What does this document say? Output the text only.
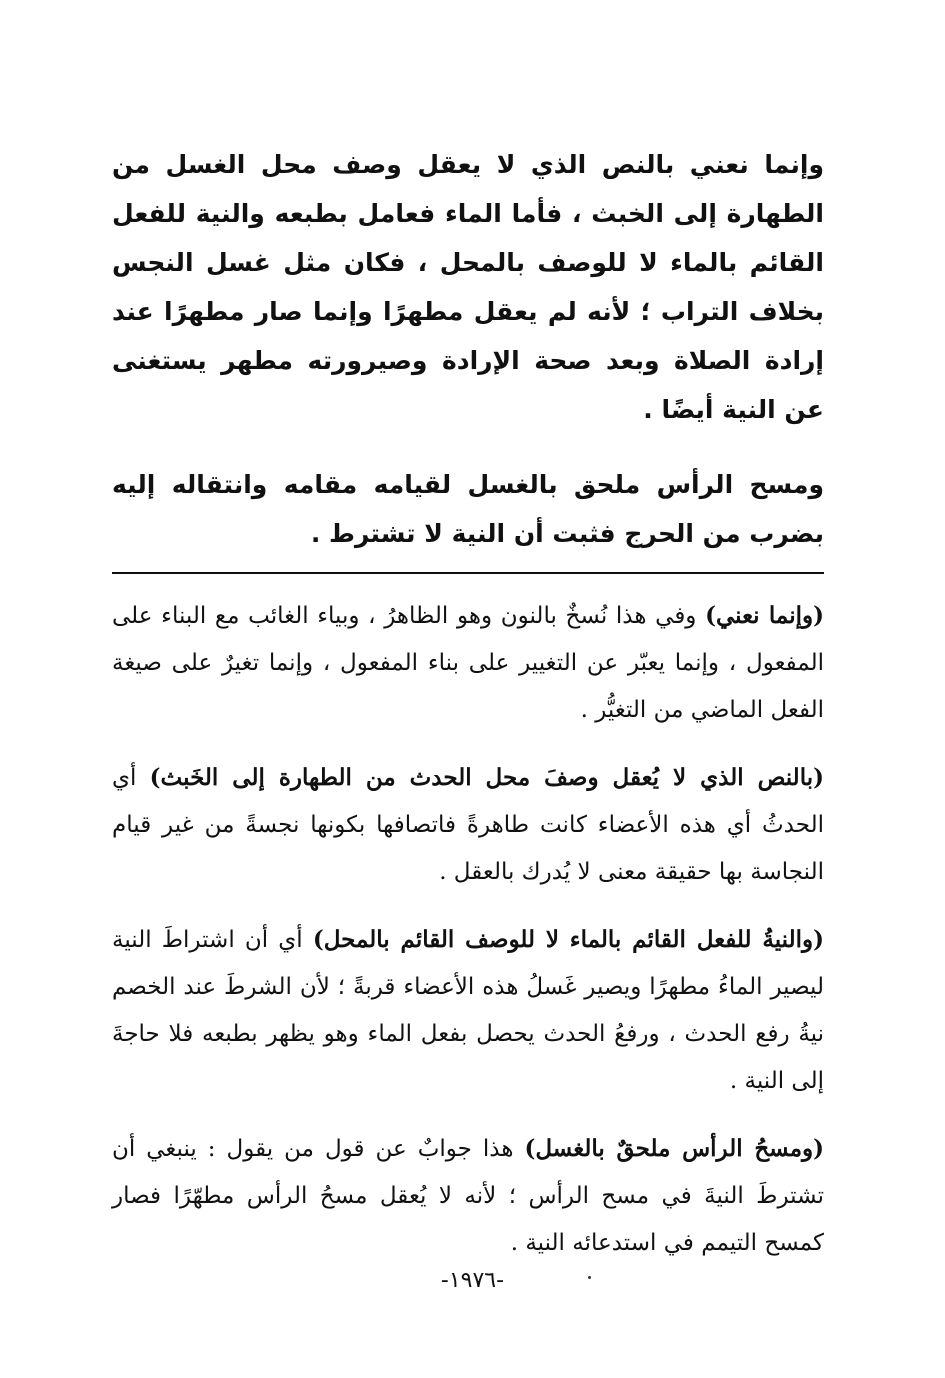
وإنما نعني بالنص الذي لا يعقل وصف محل الغسل من الطهارة إلى الخبث ، فأما الماء فعامل بطبعه والنية للفعل القائم بالماء لا للوصف بالمحل ، فكان مثل غسل النجس بخلاف التراب ؛ لأنه لم يعقل مطهرًا وإنما صار مطهرًا عند إرادة الصلاة وبعد صحة الإرادة وصيرورته مطهر يستغنى عن النية أيضًا .

ومسح الرأس ملحق بالغسل لقيامه مقامه وانتقاله إليه بضرب من الحرج فثبت أن النية لا تشترط .

(وإنما نعني) وفي هذا نُسخٌ بالنون وهو الظاهرُ ، وبياء الغائب مع البناء على المفعول ، وإنما يعبّر عن التغيير على بناء المفعول ، وإنما تغيرٌ على صيغة الفعل الماضي من التغيُّر .

(بالنص الذي لا يُعقل وصفَ محل الحدث من الطهارة إلى الخَبث) أي الحدثُ أي هذه الأعضاء كانت طاهرةً فاتصافها بكونها نجسةً من غير قيام النجاسة بها حقيقة معنى لا يُدرك بالعقل .

(والنيةُ للفعل القائم بالماء لا للوصف القائم بالمحل) أي أن اشتراطَ النية ليصير الماءُ مطهرًا ويصير غَسلُ هذه الأعضاء قربةً ؛ لأن الشرطَ عند الخصم نيةُ رفع الحدث ، ورفعُ الحدث يحصل بفعل الماء وهو يظهر بطبعه فلا حاجةَ إلى النية .

(ومسحُ الرأس ملحقٌ بالغسل) هذا جوابٌ عن قول من يقول : ينبغي أن تشترطَ النيةَ في مسح الرأس ؛ لأنه لا يُعقل مسحُ الرأس مطهّرًا فصار كمسح التيمم في استدعائه النية .

-١٩٧٦-
